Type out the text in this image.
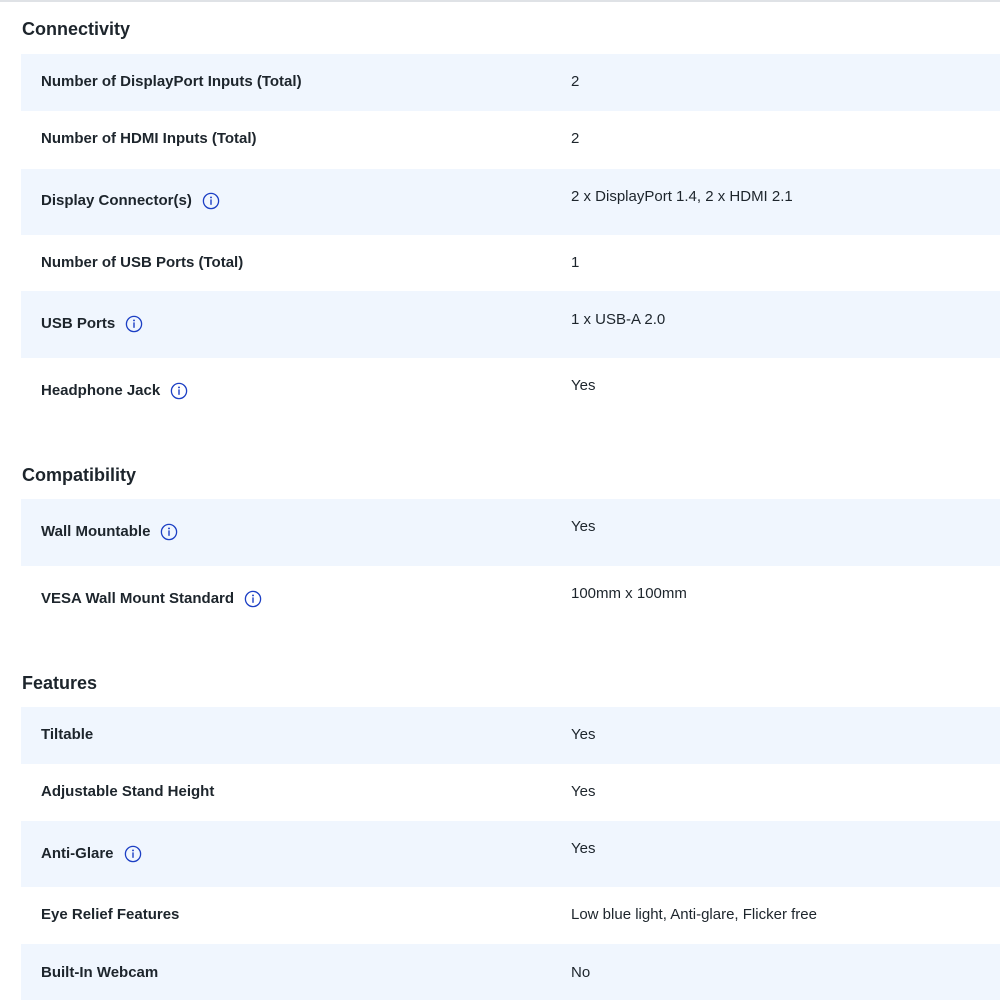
Connectivity
Number of DisplayPort Inputs (Total)	2
Number of HDMI Inputs (Total)	2
Display Connector(s)	2 x DisplayPort 1.4, 2 x HDMI 2.1
Number of USB Ports (Total)	1
USB Ports	1 x USB-A 2.0
Headphone Jack	Yes
Compatibility
Wall Mountable	Yes
VESA Wall Mount Standard	100mm x 100mm
Features
Tiltable	Yes
Adjustable Stand Height	Yes
Anti-Glare	Yes
Eye Relief Features	Low blue light, Anti-glare, Flicker free
Built-In Webcam	No
